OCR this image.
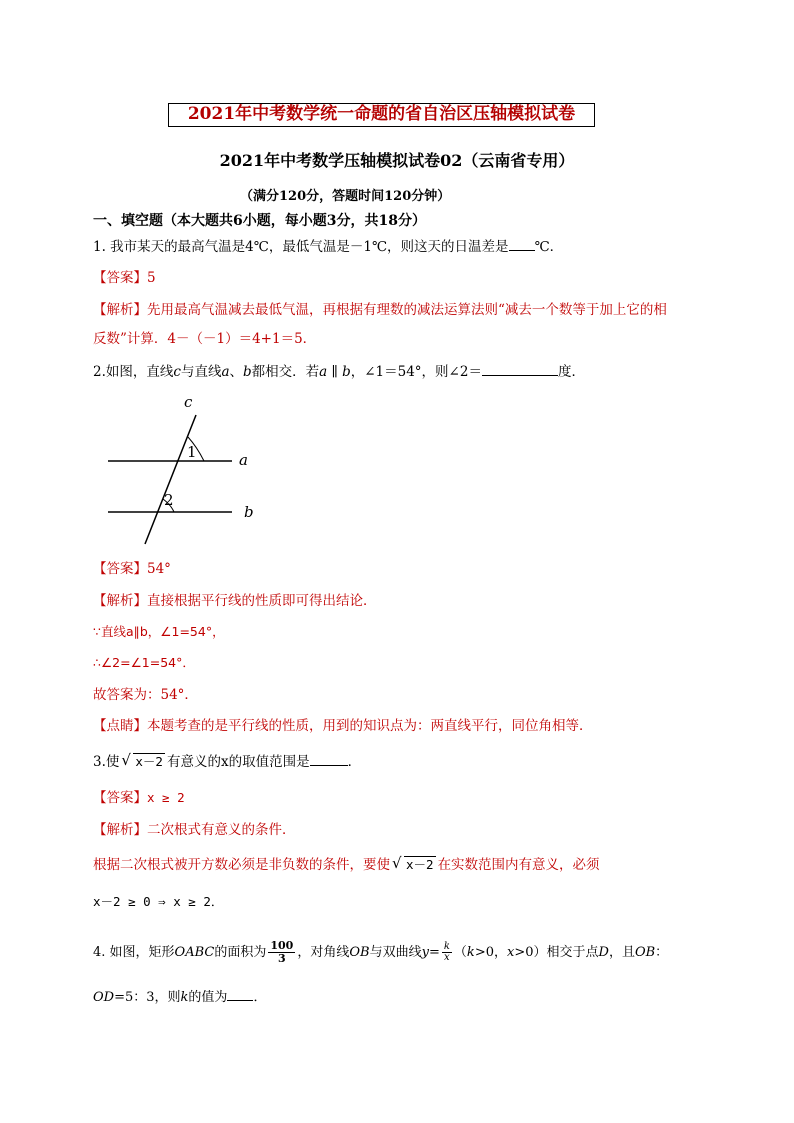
2021年中考数学统一命题的省自治区压轴模拟试卷
2021年中考数学压轴模拟试卷02（云南省专用）
（满分120分，答题时间120分钟）
一、填空题（本大题共6小题，每小题3分，共18分）
1. 我市某天的最高气温是4℃，最低气温是－1℃，则这天的日温差是 ℃．
【答案】5
【解析】先用最高气温减去最低气温，再根据有理数的减法运算法则“减去一个数等于加上它的相
反数”计算．4－（－1）＝4+1＝5．
2.如图，直线c与直线a、b都相交．若a ∥ b，∠1＝54°，则∠2＝	度．
c
1	a
2
b
【答案】54°
【解析】直接根据平行线的性质即可得出结论．
∵直线a∥b，∠1=54°，
∴∠2=∠1=54°．
故答案为：54°．
【点睛】本题考查的是平行线的性质，用到的知识点为：两直线平行，同位角相等．
3.使 √ x－2 有意义的x的取值范围是	．
【答案】x ≥ 2
【解析】二次根式有意义的条件．
根据二次根式被开方数必须是非负数的条件，要使 √ x－2 在实数范围内有意义，必须
x－2 ≥ 0 ⇒ x ≥ 2．
4. 如图，矩形OABC的面积为 $\frac{100}{3}$ ，对角线OB与双曲线$y= \frac{k}{x} (k>0$，x>0）相交于点D，且OB：
OD=5：3，则k的值为 ．
